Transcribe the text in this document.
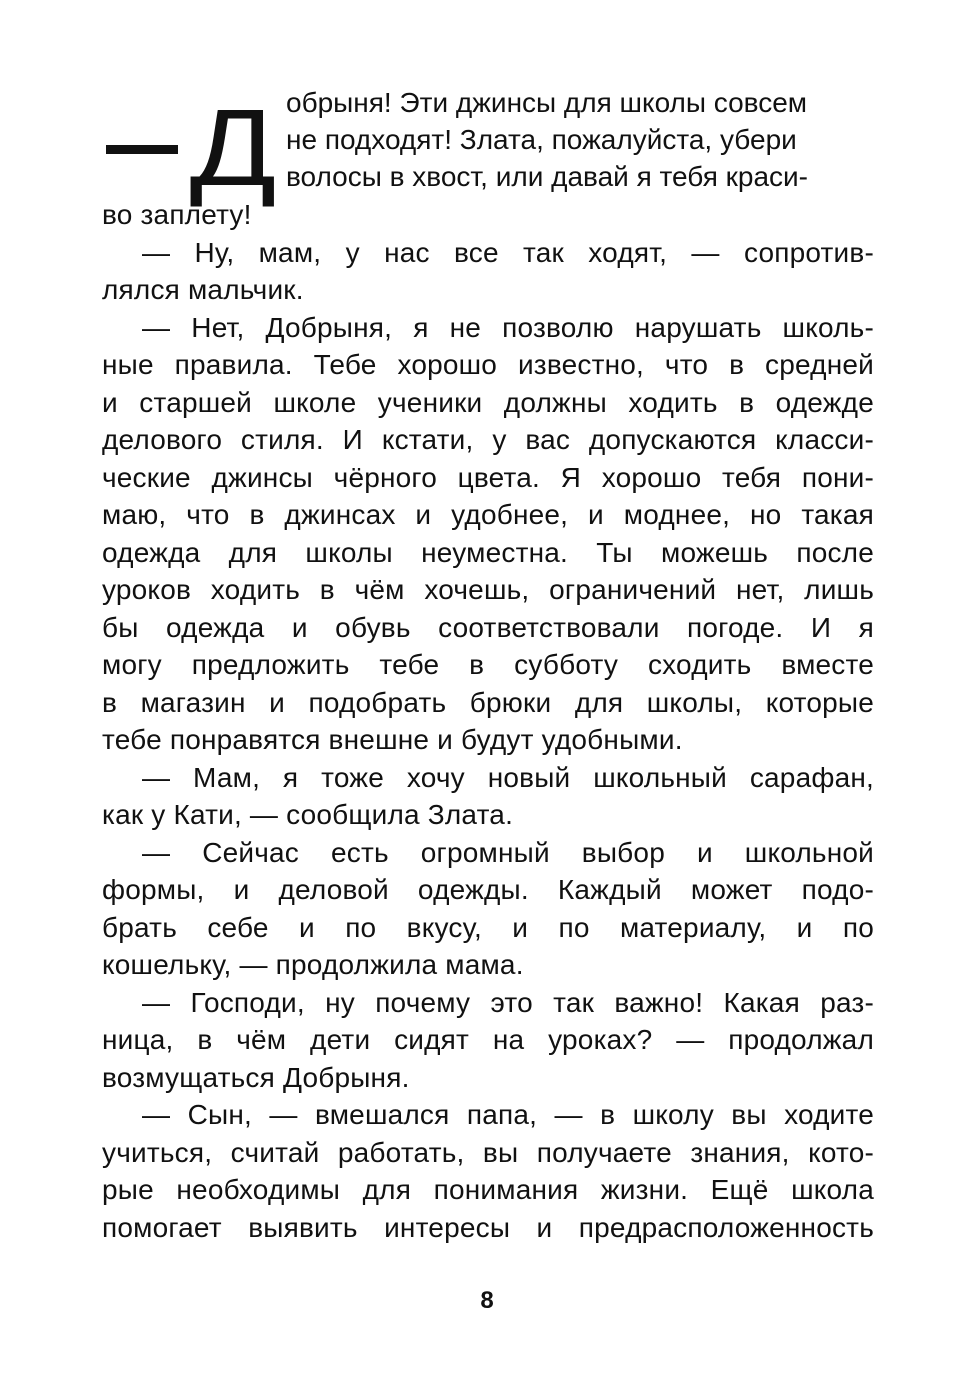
Д обрыня! Эти джинсы для школы совсем
не подходят! Злата, пожалуйста, убери
волосы в хвост, или давай я тебя краси-
во заплету!
— Ну, мам, у нас все так ходят, — сопротив-
лялся мальчик.
— Нет, Добрыня, я не позволю нарушать школь-
ные правила. Тебе хорошо известно, что в средней
и старшей школе ученики должны ходить в одежде
делового стиля. И кстати, у вас допускаются класси-
ческие джинсы чёрного цвета. Я хорошо тебя пони-
маю, что в джинсах и удобнее, и моднее, но такая
одежда для школы неуместна. Ты можешь после
уроков ходить в чём хочешь, ограничений нет, лишь
бы одежда и обувь соответствовали погоде. И я
могу предложить тебе в субботу сходить вместе
в магазин и подобрать брюки для школы, которые
тебе понравятся внешне и будут удобными.
— Мам, я тоже хочу новый школьный сарафан,
как у Кати, — сообщила Злата.
— Сейчас есть огромный выбор и школьной
формы, и деловой одежды. Каждый может подо-
брать себе и по вкусу, и по материалу, и по
кошельку, — продолжила мама.
— Господи, ну почему это так важно! Какая раз-
ница, в чём дети сидят на уроках? — продолжал
возмущаться Добрыня.
— Сын, — вмешался папа, — в школу вы ходите
учиться, считай работать, вы получаете знания, кото-
рые необходимы для понимания жизни. Ещё школа
помогает выявить интересы и предрасположенность
8
